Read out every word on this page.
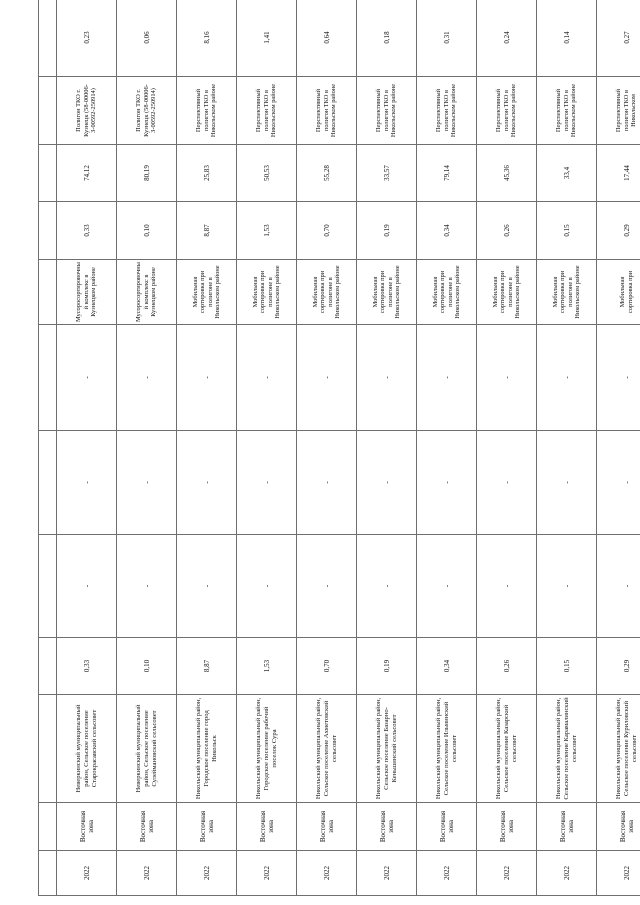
2022	Восточная зона	Неверкинский муниципальный район, Сельское поселение Старокрасавский сельсовет	0,33	-	-	-	Мусоросортировочный комплекс в Кузнецком районе	0,33	74,12	Полигон ТКО г. Кузнецк (58-00006-З-00592-250914)	0,23	
2022	Восточная зона	Неверкинский муниципальный район, Сельское поселение Сулеймановский сельсовет	0,10	-	-	-	Мусоросортировочный комплекс в Кузнецком районе	0,10	80,19	Полигон ТКО г. Кузнецк (58-00006-З-00592-250914)	0,06	
2022	Восточная зона	Никольский муниципальный район, Городское поселение город Никольск	8,87	-	-	-	Мобильная сортировка при полигоне в Никольском районе	8,87	25,83	Перспективный полигон ТКО в Никольском районе	8,16	
2022	Восточная зона	Никольский муниципальный район, Городское поселение рабочий поселок Сура	1,53	-	-	-	Мобильная сортировка при полигоне в Никольском районе	1,53	50,53	Перспективный полигон ТКО в Никольском районе	1,41	
2022	Восточная зона	Никольский муниципальный район, Сельское поселение Ахметовский сельсовет	0,70	-	-	-	Мобильная сортировка при полигоне в Никольском районе	0,70	55,28	Перспективный полигон ТКО в Никольском районе	0,64	
2022	Восточная зона	Никольский муниципальный район, Сельское поселение Базарно-Кеньшинский сельсовет	0,19	-	-	-	Мобильная сортировка при полигоне в Никольском районе	0,19	33,57	Перспективный полигон ТКО в Никольском районе	0,18	
2022	Восточная зона	Никольский муниципальный район, Сельское поселение Ильминский сельсовет	0,34	-	-	-	Мобильная сортировка при полигоне в Никольском районе	0,34	79,14	Перспективный полигон ТКО в Никольском районе	0,31	
2022	Восточная зона	Никольский муниципальный район, Сельское поселение Казарский сельсовет	0,26	-	-	-	Мобильная сортировка при полигоне в Никольском районе	0,26	45,36	Перспективный полигон ТКО в Никольском районе	0,24	
2022	Восточная зона	Никольский муниципальный район, Сельское поселение Карамалинский сельсовет	0,15	-	-	-	Мобильная сортировка при полигоне в Никольском районе	0,15	33,4	Перспективный полигон ТКО в Никольском районе	0,14	
2022	Восточная зона	Никольский муниципальный район, Сельское поселение Куриловский сельсовет	0,29	-	-	-	Мобильная сортировка при	0,29	17,44	Перспективный полигон ТКО в Никольском	0,27	
